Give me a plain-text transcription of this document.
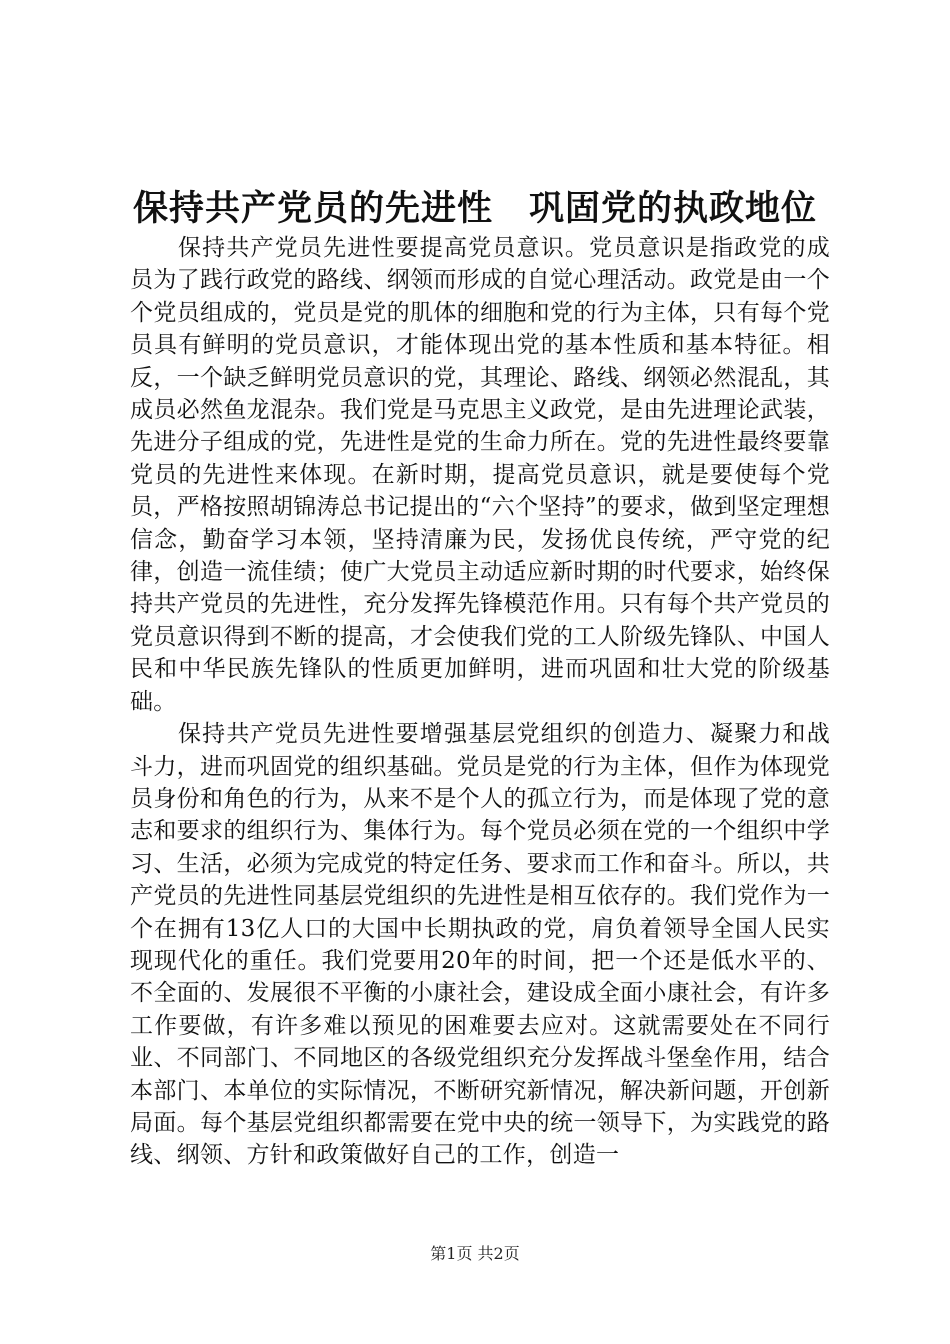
保持共产党员的先进性　巩固党的执政地位

保持共产党员先进性要提高党员意识。党员意识是指政党的成员为了践行政党的路线、纲领而形成的自觉心理活动。政党是由一个个党员组成的，党员是党的肌体的细胞和党的行为主体，只有每个党员具有鲜明的党员意识，才能体现出党的基本性质和基本特征。相反，一个缺乏鲜明党员意识的党，其理论、路线、纲领必然混乱，其成员必然鱼龙混杂。我们党是马克思主义政党，是由先进理论武装，先进分子组成的党，先进性是党的生命力所在。党的先进性最终要靠党员的先进性来体现。在新时期，提高党员意识，就是要使每个党员，严格按照胡锦涛总书记提出的“六个坚持”的要求，做到坚定理想信念，勤奋学习本领，坚持清廉为民，发扬优良传统，严守党的纪律，创造一流佳绩；使广大党员主动适应新时期的时代要求，始终保持共产党员的先进性，充分发挥先锋模范作用。只有每个共产党员的党员意识得到不断的提高，才会使我们党的工人阶级先锋队、中国人民和中华民族先锋队的性质更加鲜明，进而巩固和壮大党的阶级基础。

保持共产党员先进性要增强基层党组织的创造力、凝聚力和战斗力，进而巩固党的组织基础。党员是党的行为主体，但作为体现党员身份和角色的行为，从来不是个人的孤立行为，而是体现了党的意志和要求的组织行为、集体行为。每个党员必须在党的一个组织中学习、生活，必须为完成党的特定任务、要求而工作和奋斗。所以，共产党员的先进性同基层党组织的先进性是相互依存的。我们党作为一个在拥有13亿人口的大国中长期执政的党，肩负着领导全国人民实现现代化的重任。我们党要用20年的时间，把一个还是低水平的、不全面的、发展很不平衡的小康社会，建设成全面小康社会，有许多工作要做，有许多难以预见的困难要去应对。这就需要处在不同行业、不同部门、不同地区的各级党组织充分发挥战斗堡垒作用，结合本部门、本单位的实际情况，不断研究新情况，解决新问题，开创新局面。每个基层党组织都需要在党中央的统一领导下，为实践党的路线、纲领、方针和政策做好自己的工作，创造一

第1页 共2页
